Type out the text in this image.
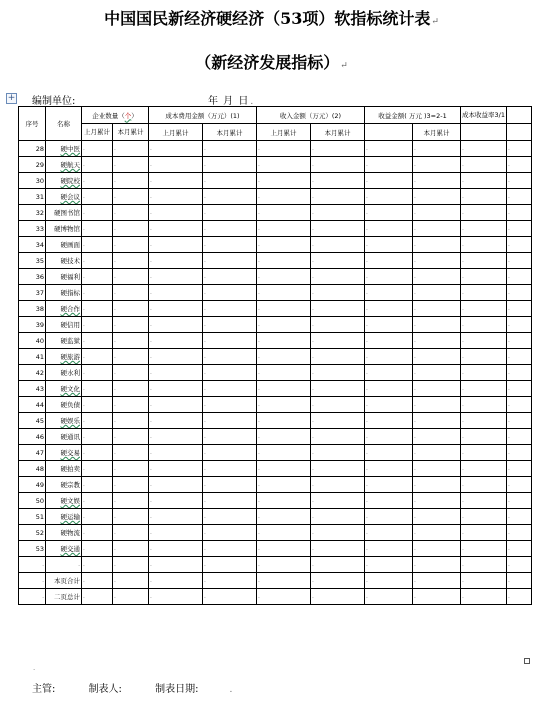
中国国民新经济硬经济（53项）软指标统计表↵
（新经济发展指标）↵
+ 编制单位:	年 月 日.
序号	名称	企业数量（个）		成本费用金额（万元）(1)		收入金额（万元）(2)		收益金额( 万元 )3=2-1		成本收益率3/1	
		上月累计	本月累计	上月累计	本月累计	上月累计	本月累计		本月累计		
28	硬中医	.	.	.	.	.	.	.	.	.	.
29	硬航天	.	.	.	.	.	.	.	.	.	.
30	硬院校	.	.	.	.	.	.	.	.	.	.
31	硬会议	.	.	.	.	.	.	.	.	.	.
32	硬图书馆	.	.	.	.	.	.	.	.	.	.
33	硬博物馆	.	.	.	.	.	.	.	.	.	.
34	硬画面	.	.	.	.	.	.	.	.	.	.
35	硬技术	.	.	.	.	.	.	.	.	.	.
36	硬福利	.	.	.	.	.	.	.	.	.	.
37	硬指标	.	.	.	.	.	.	.	.	.	.
38	硬合作	.	.	.	.	.	.	.	.	.	.
39	硬信用	.	.	.	.	.	.	.	.	.	.
40	硬监狱	.	.	.	.	.	.	.	.	.	.
41	硬旅游	.	.	.	.	.	.	.	.	.	.
42	硬水利	.	.	.	.	.	.	.	.	.	.
43	硬文化	.	.	.	.	.	.	.	.	.	.
44	硬负债	.	.	.	.	.	.	.	.	.	.
45	硬娱乐	.	.	.	.	.	.	.	.	.	.
46	硬通讯	.	.	.	.	.	.	.	.	.	.
47	硬交易	.	.	.	.	.	.	.	.	.	.
48	硬拍卖	.	.	.	.	.	.	.	.	.	.
49	硬宗教	.	.	.	.	.	.	.	.	.	.
50	硬文娱	.	.	.	.	.	.	.	.	.	.
51	硬运输	.	.	.	.	.	.	.	.	.	.
52	硬物流	.	.	.	.	.	.	.	.	.	.
53	硬交通	.	.	.	.	.	.	.	.	.	.
.	.	.	.	.	.	.	.	.	.	.	.
.	本页合计	.	.	.	.	.	.	.	.	.	.
.	二页总计	.	.	.	.	.	.	.	.	.	.
.
主管:	制表人:	制表日期:	.
